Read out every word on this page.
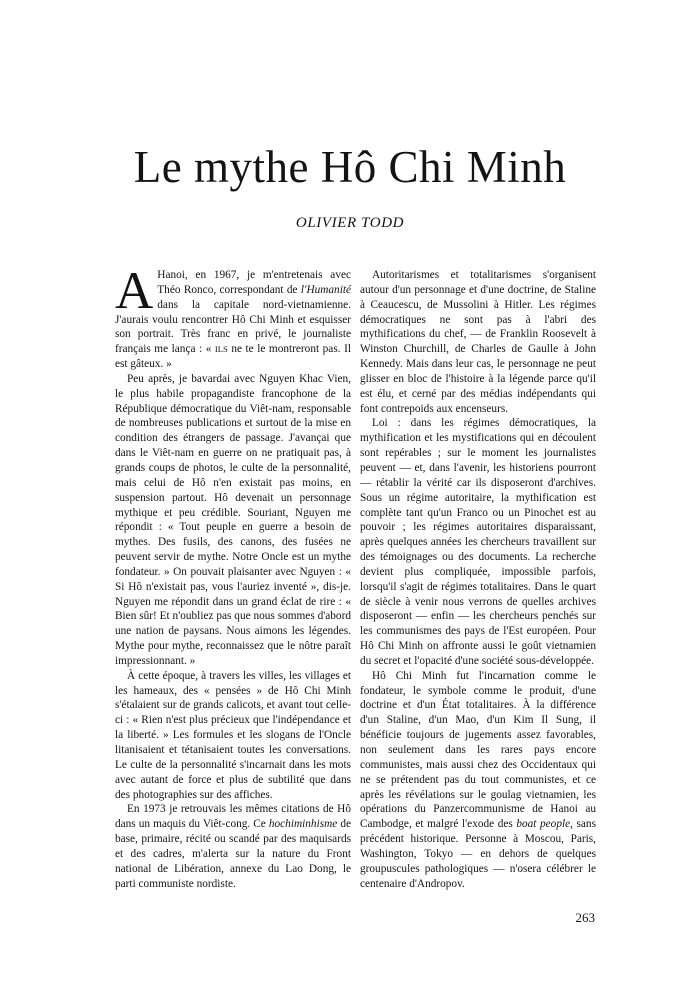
Le mythe Hô Chi Minh

OLIVIER TODD

A Hanoi, en 1967, je m'entretenais avec Théo Ronco, correspondant de l'Humanité dans la capitale nord-vietnamienne. J'aurais voulu rencontrer Hô Chi Minh et esquisser son portrait. Très franc en privé, le journaliste français me lança : « ILS ne te le montreront pas. Il est gâteux. »

Peu après, je bavardai avec Nguyen Khac Vien, le plus habile propagandiste francophone de la République démocratique du Viêt-nam, responsable de nombreuses publications et surtout de la mise en condition des étrangers de passage. J'avançai que dans le Viêt-nam en guerre on ne pratiquait pas, à grands coups de photos, le culte de la personnalité, mais celui de Hô n'en existait pas moins, en suspension partout. Hô devenait un personnage mythique et peu crédible. Souriant, Nguyen me répondit : « Tout peuple en guerre a besoin de mythes. Des fusils, des canons, des fusées ne peuvent servir de mythe. Notre Oncle est un mythe fondateur. » On pouvait plaisanter avec Nguyen : « Si Hô n'existait pas, vous l'auriez inventé », dis-je. Nguyen me répondit dans un grand éclat de rire : « Bien sûr! Et n'oubliez pas que nous sommes d'abord une nation de paysans. Nous aimons les légendes. Mythe pour mythe, reconnaissez que le nôtre paraît impressionnant. »

À cette époque, à travers les villes, les villages et les hameaux, des « pensées » de Hô Chi Minh s'étalaient sur de grands calicots, et avant tout celle-ci : « Rien n'est plus précieux que l'indépendance et la liberté. » Les formules et les slogans de l'Oncle litanisaient et tétanisaient toutes les conversations. Le culte de la personnalité s'incarnait dans les mots avec autant de force et plus de subtilité que dans des photographies sur des affiches.

En 1973 je retrouvais les mêmes citations de Hô dans un maquis du Viêt-cong. Ce hochiminhisme de base, primaire, récité ou scandé par des maquisards et des cadres, m'alerta sur la nature du Front national de Libération, annexe du Lao Dong, le parti communiste nordiste.

Autoritarismes et totalitarismes s'organisent autour d'un personnage et d'une doctrine, de Staline à Ceaucescu, de Mussolini à Hitler. Les régimes démocratiques ne sont pas à l'abri des mythifications du chef, — de Franklin Roosevelt à Winston Churchill, de Charles de Gaulle à John Kennedy. Mais dans leur cas, le personnage ne peut glisser en bloc de l'histoire à la légende parce qu'il est élu, et cerné par des médias indépendants qui font contrepoids aux encenseurs.

Loi : dans les régimes démocratiques, la mythification et les mystifications qui en découlent sont repérables ; sur le moment les journalistes peuvent — et, dans l'avenir, les historiens pourront — rétablir la vérité car ils disposeront d'archives. Sous un régime autoritaire, la mythification est complète tant qu'un Franco ou un Pinochet est au pouvoir ; les régimes autoritaires disparaissant, après quelques années les chercheurs travaillent sur des témoignages ou des documents. La recherche devient plus compliquée, impossible parfois, lorsqu'il s'agit de régimes totalitaires. Dans le quart de siècle à venir nous verrons de quelles archives disposeront — enfin — les chercheurs penchés sur les communismes des pays de l'Est européen. Pour Hô Chi Minh on affronte aussi le goût vietnamien du secret et l'opacité d'une société sous-développée.

Hô Chi Minh fut l'incarnation comme le fondateur, le symbole comme le produit, d'une doctrine et d'un État totalitaires. À la différence d'un Staline, d'un Mao, d'un Kim Il Sung, il bénéficie toujours de jugements assez favorables, non seulement dans les rares pays encore communistes, mais aussi chez des Occidentaux qui ne se prétendent pas du tout communistes, et ce après les révélations sur le goulag vietnamien, les opérations du Panzercommunisme de Hanoi au Cambodge, et malgré l'exode des boat people, sans précédent historique. Personne à Moscou, Paris, Washington, Tokyo — en dehors de quelques groupuscules pathologiques — n'osera célébrer le centenaire d'Andropov.

263
